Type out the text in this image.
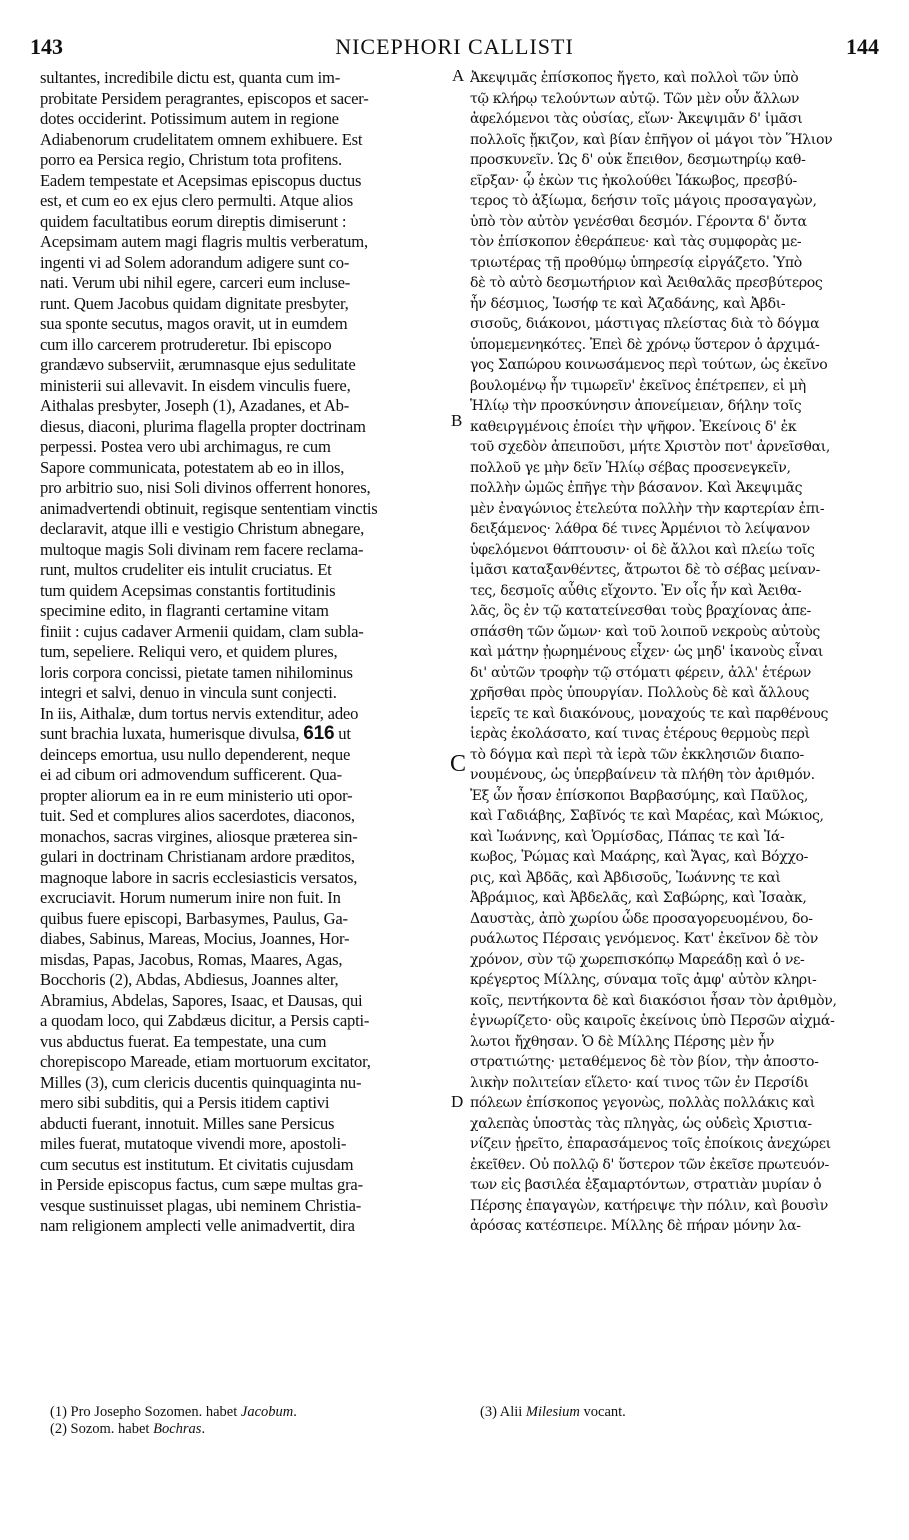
143	NICEPHORI CALLISTI	144
sultantes, incredibile dictu est, quanta cum im-
probitate Persidem peragrantes, episcopos et sacer-
dotes occiderint. Potissimum autem in regione
Adiabenorum crudelitatem omnem exhibuere. Est
porro ea Persica regio, Christum tota profitens.
Eadem tempestate et Acepsimas episcopus ductus
est, et cum eo ex ejus clero permulti. Atque alios
quidem facultatibus eorum direptis dimiserunt :
Acepsimam autem magi flagris multis verberatum,
ingenti vi ad Solem adorandum adigere sunt co-
nati. Verum ubi nihil egere, carceri eum incluse-
runt. Quem Jacobus quidam dignitate presbyter,
sua sponte secutus, magos oravit, ut in eumdem
cum illo carcerem protruderetur. Ibi episcopo
grandævo subserviit, ærumnasque ejus sedulitate
ministerii sui allevavit. In eisdem vinculis fuere,
Aithalas presbyter, Joseph (1), Azadanes, et Ab-
diesus, diaconi, plurima flagella propter doctrinam
perpessi. Postea vero ubi archimagus, re cum
Sapore communicata, potestatem ab eo in illos,
pro arbitrio suo, nisi Soli divinos offerrent honores,
animadvertendi obtinuit, regisque sententiam vinctis
declaravit, atque illi e vestigio Christum abnegare,
multoque magis Soli divinam rem facere reclama-
runt, multos crudeliter eis intulit cruciatus. Et
tum quidem Acepsimas constantis fortitudinis
specimine edito, in flagranti certamine vitam
finiit : cujus cadaver Armenii quidam, clam subla-
tum, sepeliere. Reliqui vero, et quidem plures,
loris corpora concissi, pietate tamen nihilominus
integri et salvi, denuo in vincula sunt conjecti.
In iis, Aithalæ, dum tortus nervis extenditur, adeo
sunt brachia luxata, humerisque divulsa, 616 ut
deinceps emortua, usu nullo dependerent, neque
ei ad cibum ori admovendum sufficerent. Qua-
propter aliorum ea in re eum ministerio uti opor-
tuit. Sed et complures alios sacerdotes, diaconos,
monachos, sacras virgines, aliosque præterea sin-
gulari in doctrinam Christianam ardore præditos,
magnoque labore in sacris ecclesiasticis versatos,
excruciavit. Horum numerum inire non fuit. In
quibus fuere episcopi, Barbasymes, Paulus, Ga-
diabes, Sabinus, Mareas, Mocius, Joannes, Hor-
misdas, Papas, Jacobus, Romas, Maares, Agas,
Bocchoris (2), Abdas, Abdiesus, Joannes alter,
Abramius, Abdelas, Sapores, Isaac, et Dausas, qui
a quodam loco, qui Zabdæus dicitur, a Persis capti-
vus abductus fuerat. Ea tempestate, una cum
chorepiscopo Mareade, etiam mortuorum excitator,
Milles (3), cum clericis ducentis quinquaginta nu-
mero sibi subditis, qui a Persis itidem captivi
abducti fuerant, innotuit. Milles sane Persicus
miles fuerat, mutatoque vivendi more, apostoli-
cum secutus est institutum. Et civitatis cujusdam
in Perside episcopus factus, cum sæpe multas gra-
vesque sustinuisset plagas, ubi neminem Christia-
nam religionem amplecti velle animadvertit, dira
Ἀκεψιμᾶς ἐπίσκοπος ἤγετο, καὶ πολλοὶ τῶν ὑπὸ
τῷ κλήρῳ τελούντων αὐτῷ. Τῶν μὲν οὖν ἄλλων
ἀφελόμενοι τὰς οὐσίας, εἴων· Ἀκεψιμᾶν δ' ἱμᾶσι
πολλοῖς ᾔκιζον, καὶ βίαν ἐπῆγον οἱ μάγοι τὸν Ἥλιον
προσκυνεῖν. Ὡς δ' οὐκ ἔπειθον, δεσμωτηρίῳ καθ-
εῖρξαν· ᾧ ἑκὼν τις ἠκολούθει Ἰάκωβος, πρεσβύ-
τερος τὸ ἀξίωμα, δεήσιν τοῖς μάγοις προσαγαγὼν,
ὑπὸ τὸν αὐτὸν γενέσθαι δεσμόν. Γέροντα δ' ὄντα
τὸν ἐπίσκοπον ἐθεράπευε· καὶ τὰς συμφορὰς με-
τριωτέρας τῇ προθύμῳ ὑπηρεσίᾳ εἰργάζετο. Ὑπὸ
δὲ τὸ αὐτὸ δεσμωτήριον καὶ Ἀειθαλᾶς πρεσβύτερος
ἦν δέσμιος, Ἰωσήφ τε καὶ Ἀζαδάνης, καὶ Ἀβδι-
σισοῦς, διάκονοι, μάστιγας πλείστας διὰ τὸ δόγμα
ὑπομεμενηκότες. Ἐπεὶ δὲ χρόνῳ ὕστερον ὁ ἀρχιμά-
γος Σαπώρου κοινωσάμενος περὶ τούτων, ὡς ἐκεῖνο
βουλομένῳ ἦν τιμωρεῖν' ἐκεῖνος ἐπέτρεπεν, εἰ μὴ
Ἡλίῳ τὴν προσκύνησιν ἀπονείμειαν, δήλην τοῖς
καθειργμένοις ἐποίει τὴν ψῆφον. Ἐκείνοις δ' ἐκ
τοῦ σχεδὸν ἀπειποῦσι, μήτε Χριστὸν ποτ' ἀρνεῖσθαι,
πολλοῦ γε μὴν δεῖν Ἡλίῳ σέβας προσενεγκεῖν,
πολλὴν ὠμῶς ἐπῆγε τὴν βάσανον. Καὶ Ἀκεψιμᾶς
μὲν ἐναγώνιος ἐτελεύτα πολλὴν τὴν καρτερίαν ἐπι-
δειξάμενος· λάθρα δέ τινες Ἀρμένιοι τὸ λείψανον
ὑφελόμενοι θάπτουσιν· οἱ δὲ ἄλλοι καὶ πλείω τοῖς
ἱμᾶσι καταξανθέντες, ἄτρωτοι δὲ τὸ σέβας μείναν-
τες, δεσμοῖς αὖθις εἴχοντο. Ἐν οἷς ἦν καὶ Ἀειθα-
λᾶς, ὃς ἐν τῷ κατατείνεσθαι τοὺς βραχίονας ἀπε-
σπάσθη τῶν ὤμων· καὶ τοῦ λοιποῦ νεκροὺς αὐτοὺς
καὶ μάτην ᾐωρημένους εἶχεν· ὡς μηδ' ἱκανοὺς εἶναι
δι' αὐτῶν τροφὴν τῷ στόματι φέρειν, ἀλλ' ἑτέρων
χρῆσθαι πρὸς ὑπουργίαν. Πολλοὺς δὲ καὶ ἄλλους
ἱερεῖς τε καὶ διακόνους, μοναχούς τε καὶ παρθένους
ἱερὰς ἐκολάσατο, καί τινας ἑτέρους θερμοὺς περὶ
τὸ δόγμα καὶ περὶ τὰ ἱερὰ τῶν ἐκκλησιῶν διαπο-
νουμένους, ὡς ὑπερβαίνειν τὰ πλήθη τὸν ἀριθμόν.
Ἐξ ὧν ἦσαν ἐπίσκοποι Βαρβασύμης, καὶ Παῦλος,
καὶ Γαδιάβης, Σαβῖνός τε καὶ Μαρέας, καὶ Μώκιος,
καὶ Ἰωάννης, καὶ Ὁρμίσδας, Πάπας τε καὶ Ἰά-
κωβος, Ῥώμας καὶ Μαάρης, καὶ Ἄγας, καὶ Βόχχο-
ρις, καὶ Ἀβδᾶς, καὶ Ἀβδισοῦς, Ἰωάννης τε καὶ
Ἀβράμιος, καὶ Ἀβδελᾶς, καὶ Σαβώρης, καὶ Ἰσαὰκ,
Δαυστὰς, ἀπὸ χωρίου ὧδε προσαγορευομένου, δο-
ρυάλωτος Πέρσαις γενόμενος. Κατ' ἐκεῖνον δὲ τὸν
χρόνον, σὺν τῷ χωρεπισκόπῳ Μαρεάδῃ καὶ ὁ νε-
κρέγερτος Μίλλης, σύναμα τοῖς ἀμφ' αὐτὸν κληρι-
κοῖς, πεντήκοντα δὲ καὶ διακόσιοι ἦσαν τὸν ἀριθμὸν,
ἐγνωρίζετο· οὓς καιροῖς ἐκείνοις ὑπὸ Περσῶν αἰχμά-
λωτοι ἤχθησαν. Ὁ δὲ Μίλλης Πέρσης μὲν ἦν
στρατιώτης· μεταθέμενος δὲ τὸν βίον, τὴν ἀποστο-
λικὴν πολιτείαν εἵλετο· καί τινος τῶν ἐν Περσίδι
πόλεων ἐπίσκοπος γεγονὼς, πολλὰς πολλάκις καὶ
χαλεπὰς ὑποστὰς τὰς πληγὰς, ὡς οὐδεὶς Χριστια-
νίζειν ᾑρεῖτο, ἐπαρασάμενος τοῖς ἐποίκοις ἀνεχώρει
ἐκεῖθεν. Οὐ πολλῷ δ' ὕστερον τῶν ἐκεῖσε πρωτευόν-
των εἰς βασιλέα ἐξαμαρτόντων, στρατιὰν μυρίαν ὁ
Πέρσης ἐπαγαγὼν, κατήρειψε τὴν πόλιν, καὶ βουσὶν
ἀρόσας κατέσπειρε. Μίλλης δὲ πήραν μόνην λα-
A
B
C
D
(1) Pro Josepho Sozomen. habet Jacobum.
(2) Sozom. habet Bochras.
(3) Alii Milesium vocant.
